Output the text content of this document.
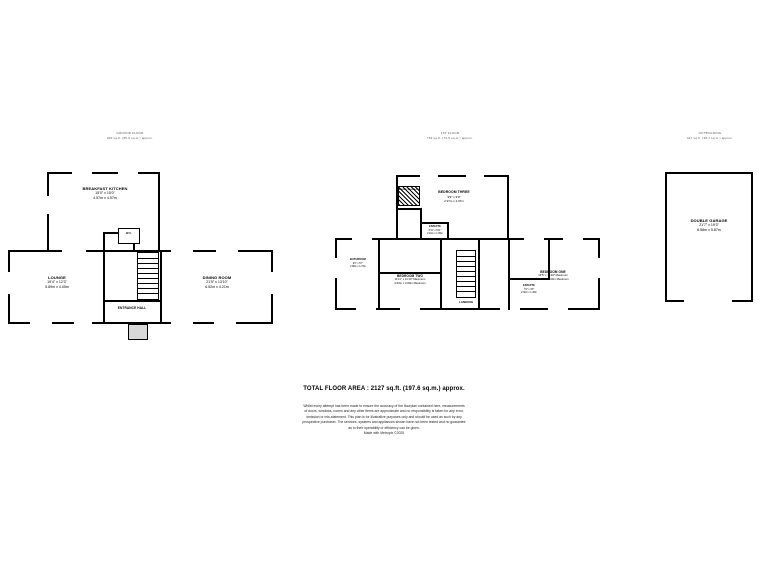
GROUND FLOOR
920 sq.ft. (85.6 sq.m.) approx.
W.C.
BREAKFAST KITCHEN
15'0" x 15'0"
4.57m x 4.57m
LOUNGE
19'4" x 12'3"
5.89m x 4.05m
DINING ROOM
21'5" x 13'10"
6.52m x 4.21m
ENTRANCE HALL
1ST FLOOR
762 sq.ft. (73.5 sq.m.) approx.
EAVES STORAGE	BEDROOM THREE
9'9" x 9'9"
2.97m x 2.97m
ENSUITE
6'11" x 6'11"
2.10m x 1.95m
BATHROOM
9'6" x 5'7"
2.88m x 1.70m
BEDROOM TWO
11'11" x 11'10" Maximum
3.63m x 3.60m Maximum
BEDROOM ONE
13'5" x 11'10" Maximum
4.10m x 3.60m Maximum
ENSUITE
7'6" x 4'9"
2.30m x 1.45m
LANDING
OUTBUILDING
447 sq.ft. (38.7 sq.m.) approx.
DOUBLE GARAGE
21'7" x 19'3"
6.58m x 5.87m
TOTAL FLOOR AREA : 2127 sq.ft. (197.6 sq.m.) approx.
Whilst every attempt has been made to ensure the accuracy of the floorplan contained here, measurements
of doors, windows, rooms and any other items are approximate and no responsibility is taken for any error,
omission or mis-statement. This plan is for illustrative purposes only and should be used as such by any
prospective purchaser. The services, systems and appliances shown have not been tested and no guarantee
as to their operability or efficiency can be given.
Made with Metropix ©2025
